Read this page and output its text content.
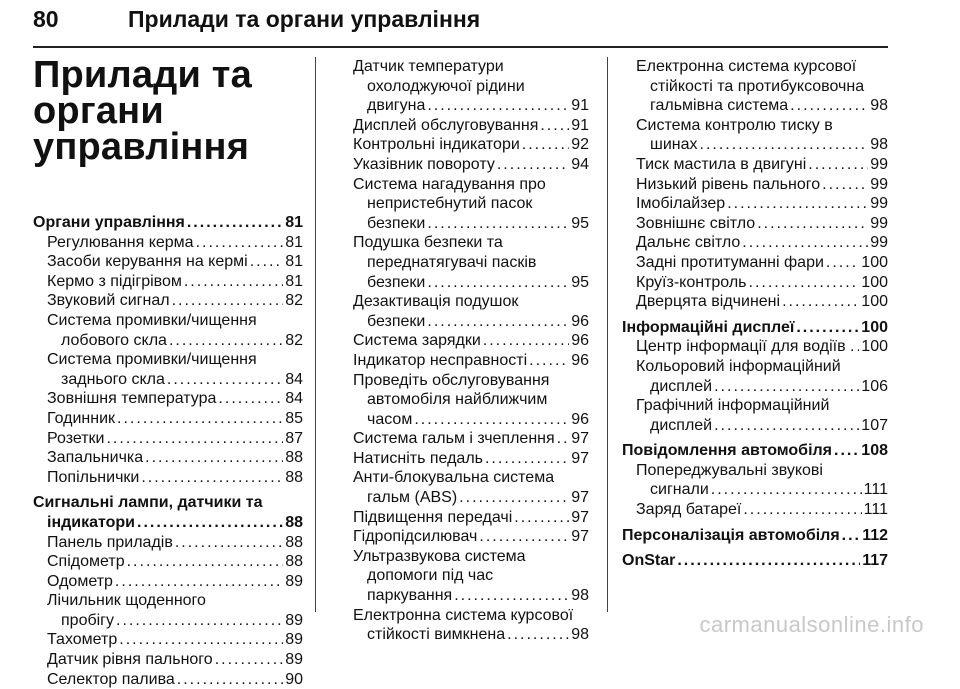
80	Прилади та органи управління
Прилади та органи
управління
Органи управління .....	81
Регулювання керма .....	81
Засоби керування на кермі ..... 81
Кермо з підігрівом .....	81
Звуковий сигнал .....	82
Система промивки/чищення
лобового скла .....	82
Система промивки/чищення
заднього скла .....	84
Зовнішня температура .....	84
Годинник .....	85
Розетки .....	87
Запальничка .....	88
Попільнички .....	88
Сигнальні лампи, датчики та
індикатори .....	88
Панель приладів .....	88
Спідометр .....	88
Одометр .....	89
Лічильник щоденного
пробігу .....	89
Тахометр .....	89
Датчик рівня пального .....	89
Селектор палива .....	90
Датчик температури
охолоджуючої рідини
двигуна .....	91
Дисплей обслуговування ..... 91
Контрольні індикатори .....	92
Указівник повороту .....	94
Система нагадування про
непристебнутий пасок
безпеки .....	95
Подушка безпеки та
переднатягувачі пасків
безпеки .....	95
Дезактивація подушок
безпеки .....	96
Система зарядки .....	96
Індикатор несправності .....	96
Проведіть обслуговування
автомобіля найближчим
часом .....	96
Система гальм і зчеплення ..... 97
Натисніть педаль .....	97
Анти-блокувальна система
гальм (ABS) .....	97
Підвищення передачі .....	97
Гідропідсилювач .....	97
Ультразвукова система
допомоги під час
паркування .....	98
Електронна система курсової
стійкості вимкнена .....	98
Електронна система курсової
стійкості та протибуксовочна
гальмівна система .....	98
Система контролю тиску в
шинах .....	98
Тиск мастила в двигуні .....	99
Низький рівень пального .....	99
Імобілайзер .....	99
Зовнішнє світло .....	99
Дальнє світло .....	99
Задні протитуманні фари ..... 100
Круїз-контроль .....	100
Дверцята відчинені .....	100
Інформаційні дисплеї .....	100
Центр інформації для водіїв . ..... 100
Кольоровий інформаційний
дисплей .....	106
Графічний інформаційний
дисплей .....	107
Повідомлення автомобіля ..... 108
Попереджувальні звукові
сигнали .....	111
Заряд батареї .....	111
Персоналізація автомобіля ..... 112
OnStar .....	117
carmanualsonline.info
